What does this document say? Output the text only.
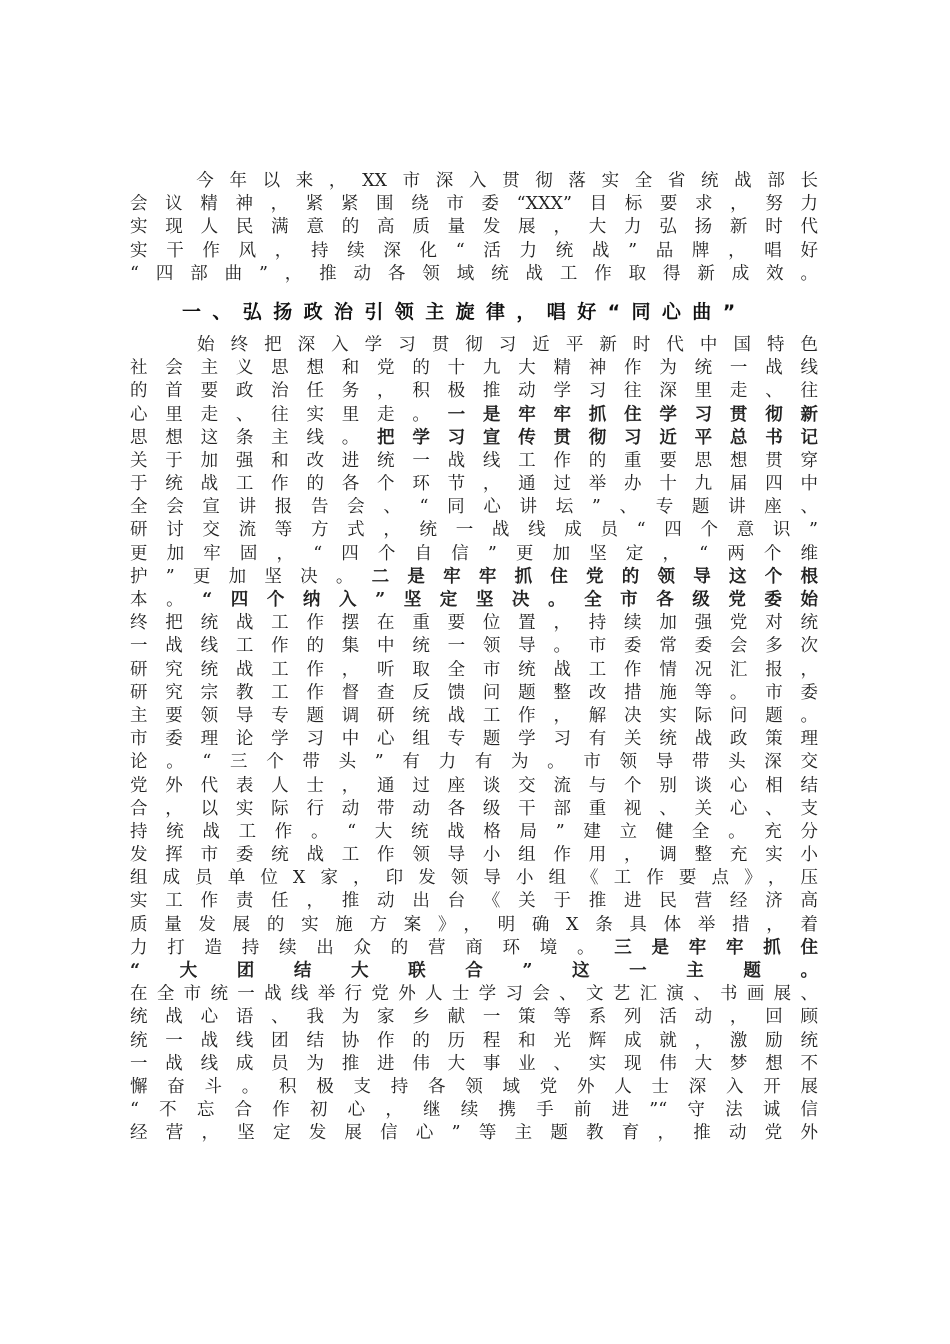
　　今年以来，XX市深入贯彻落实全省统战部长
会议精神，紧紧围绕市委“XXX”目标要求，努力
实现人民满意的高质量发展，大力弘扬新时代
实干作风，持续深化“活力统战”品牌，唱好
“四部曲”，推动各领域统战工作取得新成效。
一、弘扬政治引领主旋律，唱好“同心曲”
　　始终把深入学习贯彻习近平新时代中国特色
社会主义思想和党的十九大精神作为统一战线
的首要政治任务，积极推动学习往深里走、往
心里走、往实里走。一是牢牢抓住学习贯彻新
思想这条主线。把学习宣传贯彻习近平总书记
关于加强和改进统一战线工作的重要思想贯穿
于统战工作的各个环节，通过举办十九届四中
全会宣讲报告会、“同心讲坛”、专题讲座、
研讨交流等方式，统一战线成员“四个意识”
更加牢固，“四个自信”更加坚定，“两个维
护”更加坚决。二是牢牢抓住党的领导这个根
本。“四个纳入”坚定坚决。全市各级党委始
终把统战工作摆在重要位置，持续加强党对统
一战线工作的集中统一领导。市委常委会多次
研究统战工作，听取全市统战工作情况汇报，
研究宗教工作督查反馈问题整改措施等。市委
主要领导专题调研统战工作，解决实际问题。
市委理论学习中心组专题学习有关统战政策理
论。“三个带头”有力有为。市领导带头深交
党外代表人士，通过座谈交流与个别谈心相结
合，以实际行动带动各级干部重视、关心、支
持统战工作。“大统战格局”建立健全。充分
发挥市委统战工作领导小组作用，调整充实小
组成员单位X家，印发领导小组《工作要点》，压
实工作责任，推动出台《关于推进民营经济高
质量发展的实施方案》，明确X条具体举措，着
力打造持续出众的营商环境。三是牢牢抓住
“大团结大联合”这一主题。
在全市统一战线举行党外人士学习会、文艺汇演、书画展、
统战心语、我为家乡献一策等系列活动，回顾
统一战线团结协作的历程和光辉成就，激励统
一战线成员为推进伟大事业、实现伟大梦想不
懈奋斗。积极支持各领域党外人士深入开展
“不忘合作初心，继续携手前进”“守法诚信
经营，坚定发展信心”等主题教育，推动党外
